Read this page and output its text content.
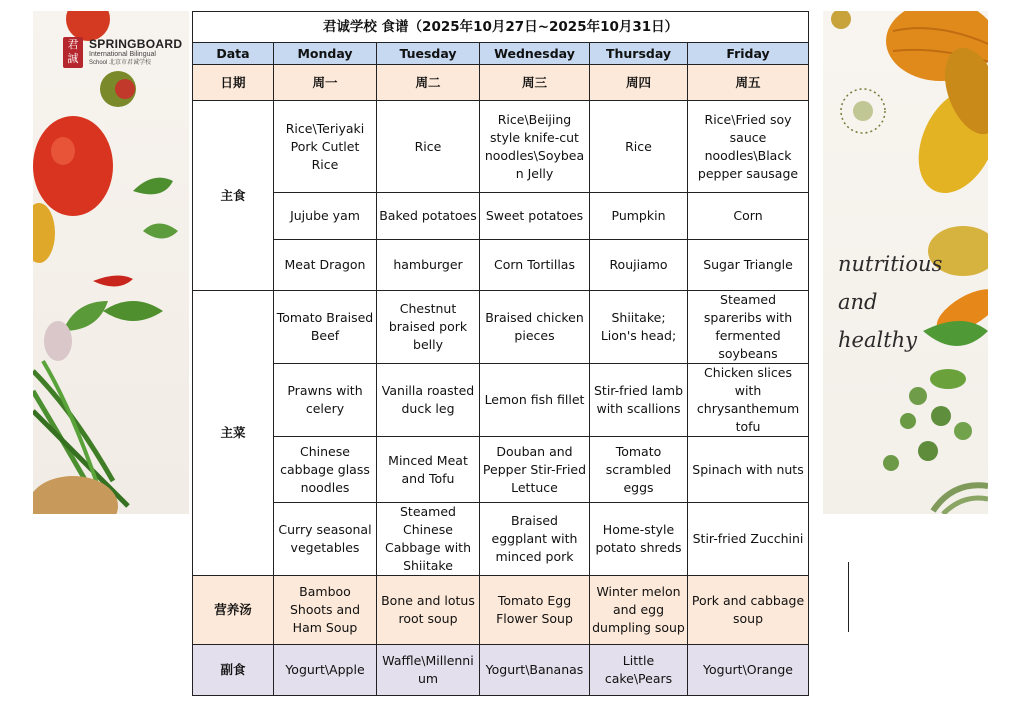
君
誠
SPRINGBOARD
International Bilingual
School 北京市君诚学校
nutritious
and
healthy
君诚学校 食谱（2025年10月27日~2025年10月31日）					
Data	Monday	Tuesday	Wednesday	Thursday	Friday
日期	周一	周二	周三	周四	周五
主食	Rice\Teriyaki Pork Cutlet Rice	Rice	Rice\Beijing style knife-cut noodles\Soybean Jelly	Rice	Rice\Fried soy sauce noodles\Black pepper sausage
	Jujube yam	Baked potatoes	Sweet potatoes	Pumpkin	Corn
	Meat Dragon	hamburger	Corn Tortillas	Roujiamo	Sugar Triangle
主菜	Tomato Braised Beef	Chestnut braised pork belly	Braised chicken pieces	Shiitake; Lion's head;	Steamed spareribs with fermented soybeans
	Prawns with celery	Vanilla roasted duck leg	Lemon fish fillet	Stir-fried lamb with scallions	Chicken slices with chrysanthemum tofu
	Chinese cabbage glass noodles	Minced Meat and Tofu	Douban and Pepper Stir-Fried Lettuce	Tomato scrambled eggs	Spinach with nuts
	Curry seasonal vegetables	Steamed Chinese Cabbage with Shiitake	Braised eggplant with minced pork	Home-style potato shreds	Stir-fried Zucchini
营养汤	Bamboo Shoots and Ham Soup	Bone and lotus root soup	Tomato Egg Flower Soup	Winter melon and egg dumpling soup	Pork and cabbage soup
副食	Yogurt\Apple	Waffle\Millennium	Yogurt\Bananas	Little cake\Pears	Yogurt\Orange
